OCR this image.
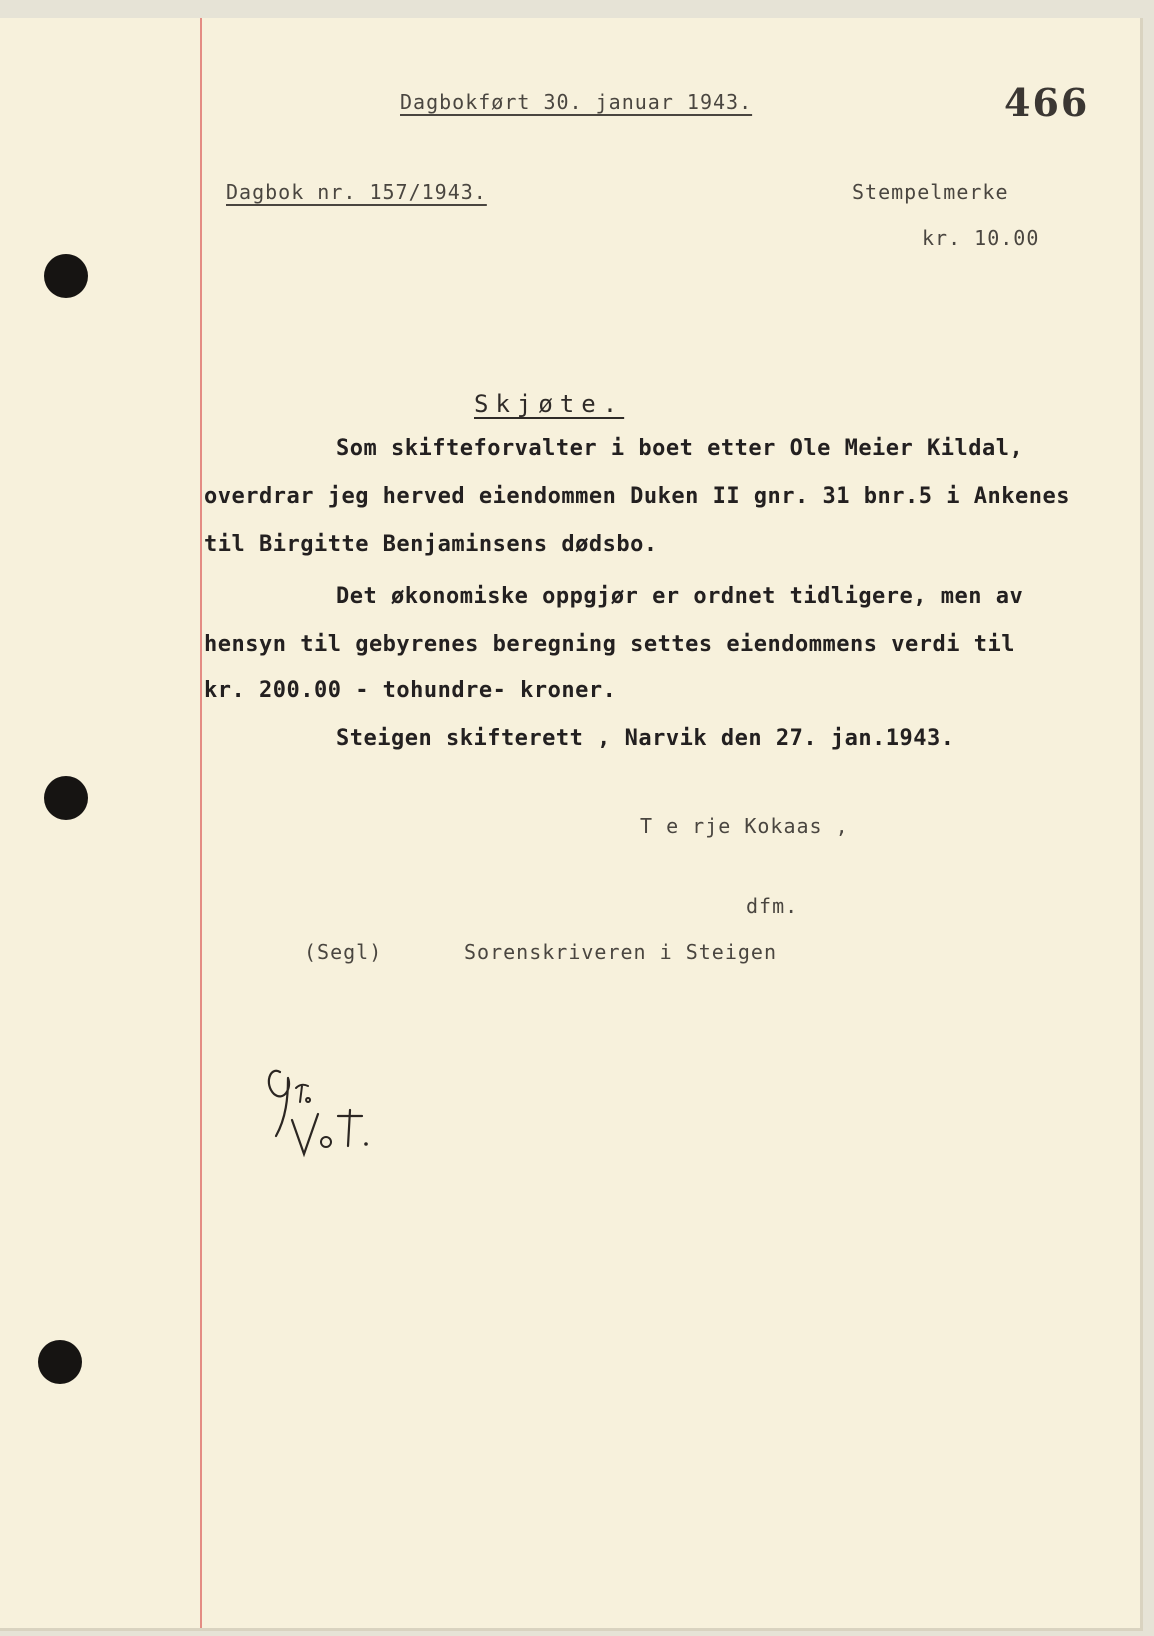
Dagbokført 30. januar 1943.	466
Dagbok nr. 157/1943.	Stempelmerke
kr. 10.00
Skjøte.
Som skifteforvalter i boet etter Ole Meier Kildal,
overdrar jeg herved eiendommen Duken II gnr. 31 bnr.5 i Ankenes
til Birgitte Benjaminsens dødsbo.
Det økonomiske oppgjør er ordnet tidligere, men av
hensyn til gebyrenes beregning settes eiendommens verdi til
kr. 200.00 - tohundre- kroner.
Steigen skifterett , Narvik den 27. jan.1943.
T e rje Kokaas ,
dfm.
(Segl)	Sorenskriveren i Steigen
